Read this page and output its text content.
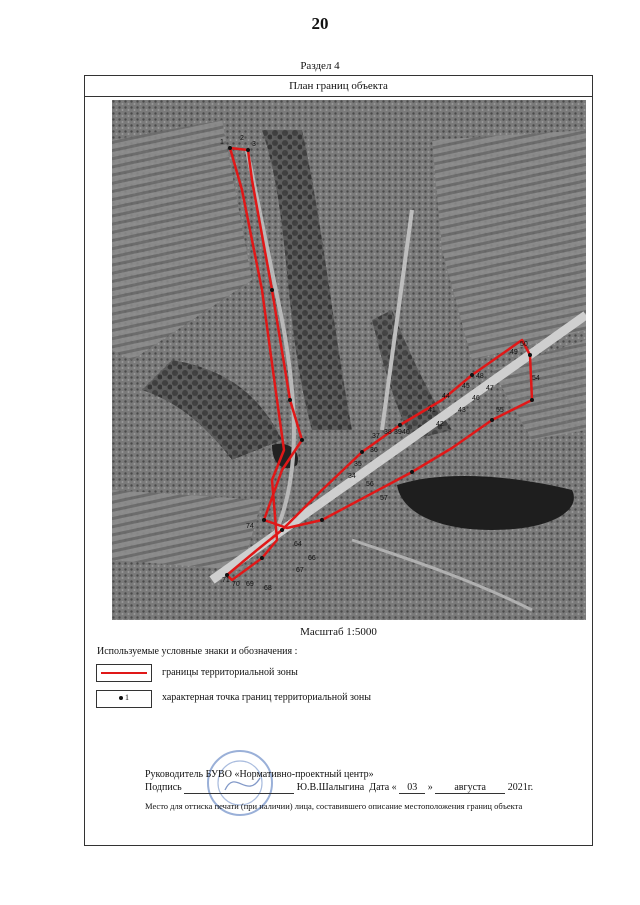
20
Раздел 4
План границ объекта
1
2
3
34
35
36
37
38 39 40
41
42
43
44
45
46
47
48
49
50
54
55
56
57
64
66
67
68
69
70
71
74
Масштаб 1:5000
Используемые условные знаки и обозначения :
границы территориальной зоны
1	характерная точка границ территориальной зоны
Руководитель БУВО «Нормативно-проектный центр»
Подпись	Ю.В.Шалыгина Дата « 03 » августа 2021г.
Место для оттиска печати (при наличии) лица, составившего описание местоположения границ объекта
